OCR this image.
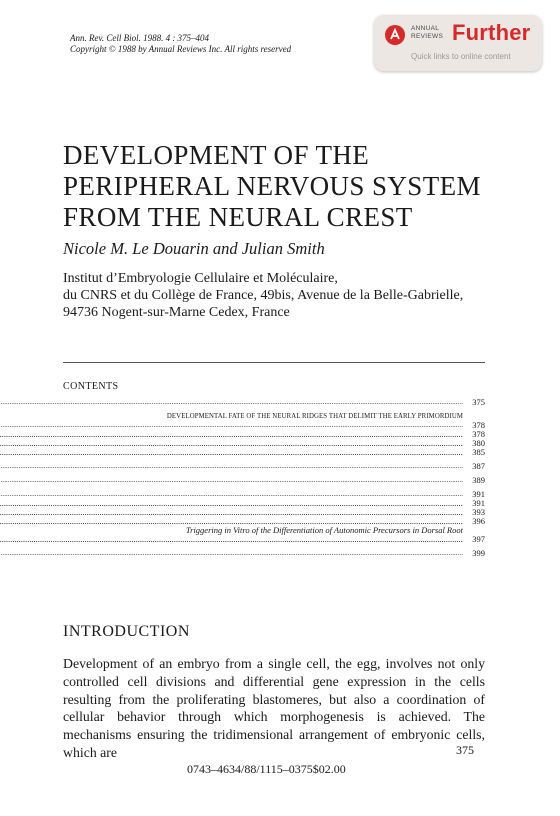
Ann. Rev. Cell Biol. 1988. 4 : 375–404
Copyright © 1988 by Annual Reviews Inc. All rights reserved
ANNUAL
REVIEWS Further
Quick links to online content
DEVELOPMENT OF THE
PERIPHERAL NERVOUS SYSTEM
FROM THE NEURAL CREST
Nicole M. Le Douarin and Julian Smith
Institut d’Embryologie Cellulaire et Moléculaire,
du CNRS et du Collège de France, 49bis, Avenue de la Belle-Gabrielle,
94736 Nogent-sur-Marne Cedex, France
CONTENTS
.....
375
DEVELOPMENTAL FATE OF THE NEURAL RIDGES THAT DELIMIT THE EARLY PRIMORDIUM
.....
378
.....
378
.....
380
.....
385
.....
387
.....
389
.....
391
.....
391
.....
393
.....
396
Triggering in Vitro of the Differentiation of Autonomic Precursors in Dorsal Root
.....
397
.....
399
INTRODUCTION
Development of an embryo from a single cell, the egg, involves not only controlled cell divisions and differential gene expression in the cells resulting from the proliferating blastomeres, but also a coordination of cellular behavior through which morphogenesis is achieved. The mechanisms ensuring the tridimensional arrangement of embryonic cells, which are	375
0743–4634/88/1115–0375$02.00
